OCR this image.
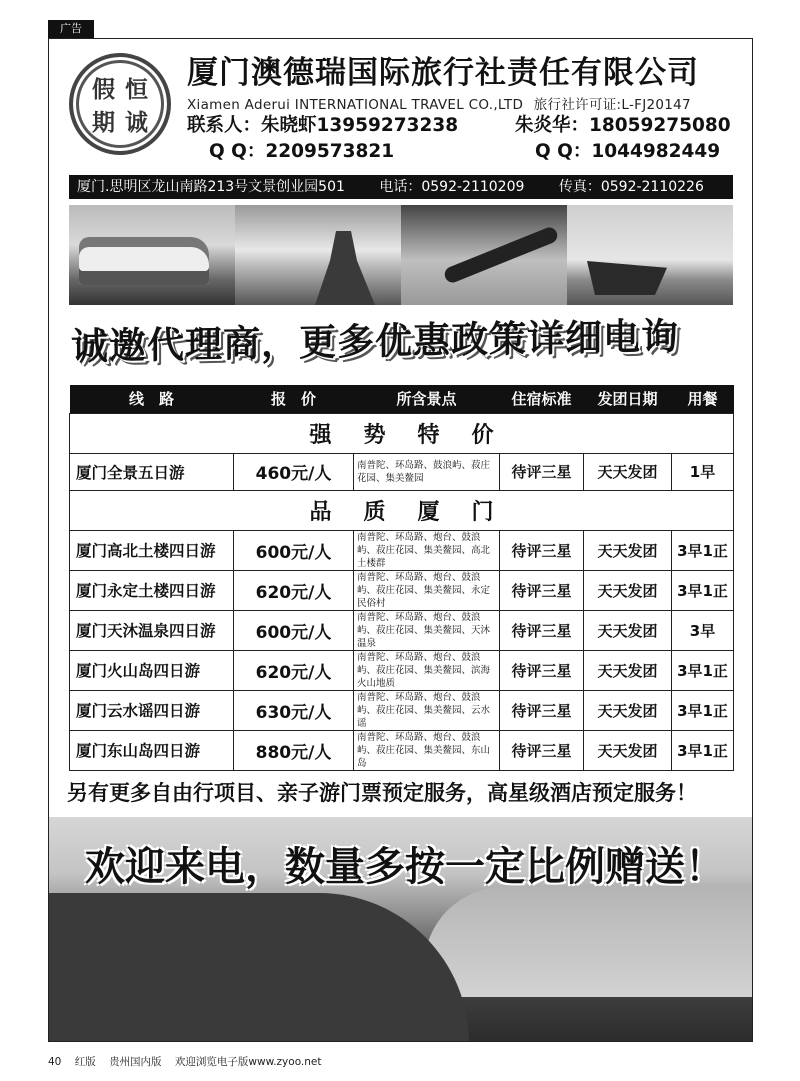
广告
假 恒
期 诚
厦门澳德瑞国际旅行社责任有限公司
Xiamen Aderui INTERNATIONAL TRAVEL CO.,LTD 旅行社许可证:L-FJ20147
联系人：朱晓虾13959273238
Q Q：2209573821
朱炎华：18059275080
Q Q：1044982449
厦门.思明区龙山南路213号文景创业园501 电话：0592-2110209 传真：0592-2110226
诚邀代理商，更多优惠政策详细电询
线　路	报　价	所含景点	住宿标准	发团日期	用餐
强势特价					
厦门全景五日游	460元/人	南普陀、环岛路、鼓浪屿、菽庄花园、集美鳌园	待评三星	天天发团	1早
品质厦门					
厦门高北土楼四日游	600元/人	南普陀、环岛路、炮台、鼓浪屿、菽庄花园、集美鳌园、高北土楼群	待评三星	天天发团	3早1正
厦门永定土楼四日游	620元/人	南普陀、环岛路、炮台、鼓浪屿、菽庄花园、集美鳌园、永定民俗村	待评三星	天天发团	3早1正
厦门天沐温泉四日游	600元/人	南普陀、环岛路、炮台、鼓浪屿、菽庄花园、集美鳌园、天沐温泉	待评三星	天天发团	3早
厦门火山岛四日游	620元/人	南普陀、环岛路、炮台、鼓浪屿、菽庄花园、集美鳌园、滨海火山地质	待评三星	天天发团	3早1正
厦门云水谣四日游	630元/人	南普陀、环岛路、炮台、鼓浪屿、菽庄花园、集美鳌园、云水谣	待评三星	天天发团	3早1正
厦门东山岛四日游	880元/人	南普陀、环岛路、炮台、鼓浪屿、菽庄花园、集美鳌园、东山岛	待评三星	天天发团	3早1正
另有更多自由行项目、亲子游门票预定服务，高星级酒店预定服务！
欢迎来电，数量多按一定比例赠送！
40 红版 贵州国内版 欢迎浏览电子版www.zyoo.net
